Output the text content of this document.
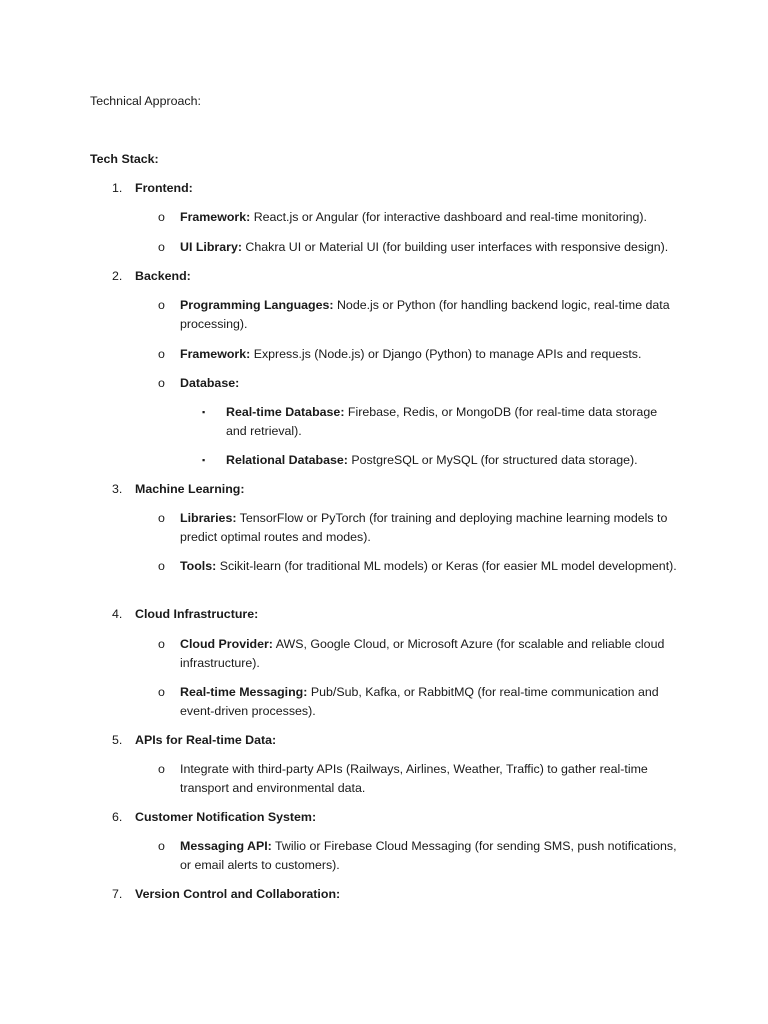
Technical Approach:

Tech Stack:

1.	Frontend:
o Framework: React.js or Angular (for interactive dashboard and real-time monitoring).
o UI Library: Chakra UI or Material UI (for building user interfaces with responsive design).
2.	Backend:
o Programming Languages: Node.js or Python (for handling backend logic, real-time data processing).
o Framework: Express.js (Node.js) or Django (Python) to manage APIs and requests.
o Database:
▪ Real-time Database: Firebase, Redis, or MongoDB (for real-time data storage and retrieval).
▪ Relational Database: PostgreSQL or MySQL (for structured data storage).
3.	Machine Learning:
o Libraries: TensorFlow or PyTorch (for training and deploying machine learning models to predict optimal routes and modes).
o Tools: Scikit-learn (for traditional ML models) or Keras (for easier ML model development).
4.	Cloud Infrastructure:
o Cloud Provider: AWS, Google Cloud, or Microsoft Azure (for scalable and reliable cloud infrastructure).
o Real-time Messaging: Pub/Sub, Kafka, or RabbitMQ (for real-time communication and event-driven processes).
5.	APIs for Real-time Data:
o Integrate with third-party APIs (Railways, Airlines, Weather, Traffic) to gather real-time transport and environmental data.
6.	Customer Notification System:
o Messaging API: Twilio or Firebase Cloud Messaging (for sending SMS, push notifications, or email alerts to customers).
7.	Version Control and Collaboration:
